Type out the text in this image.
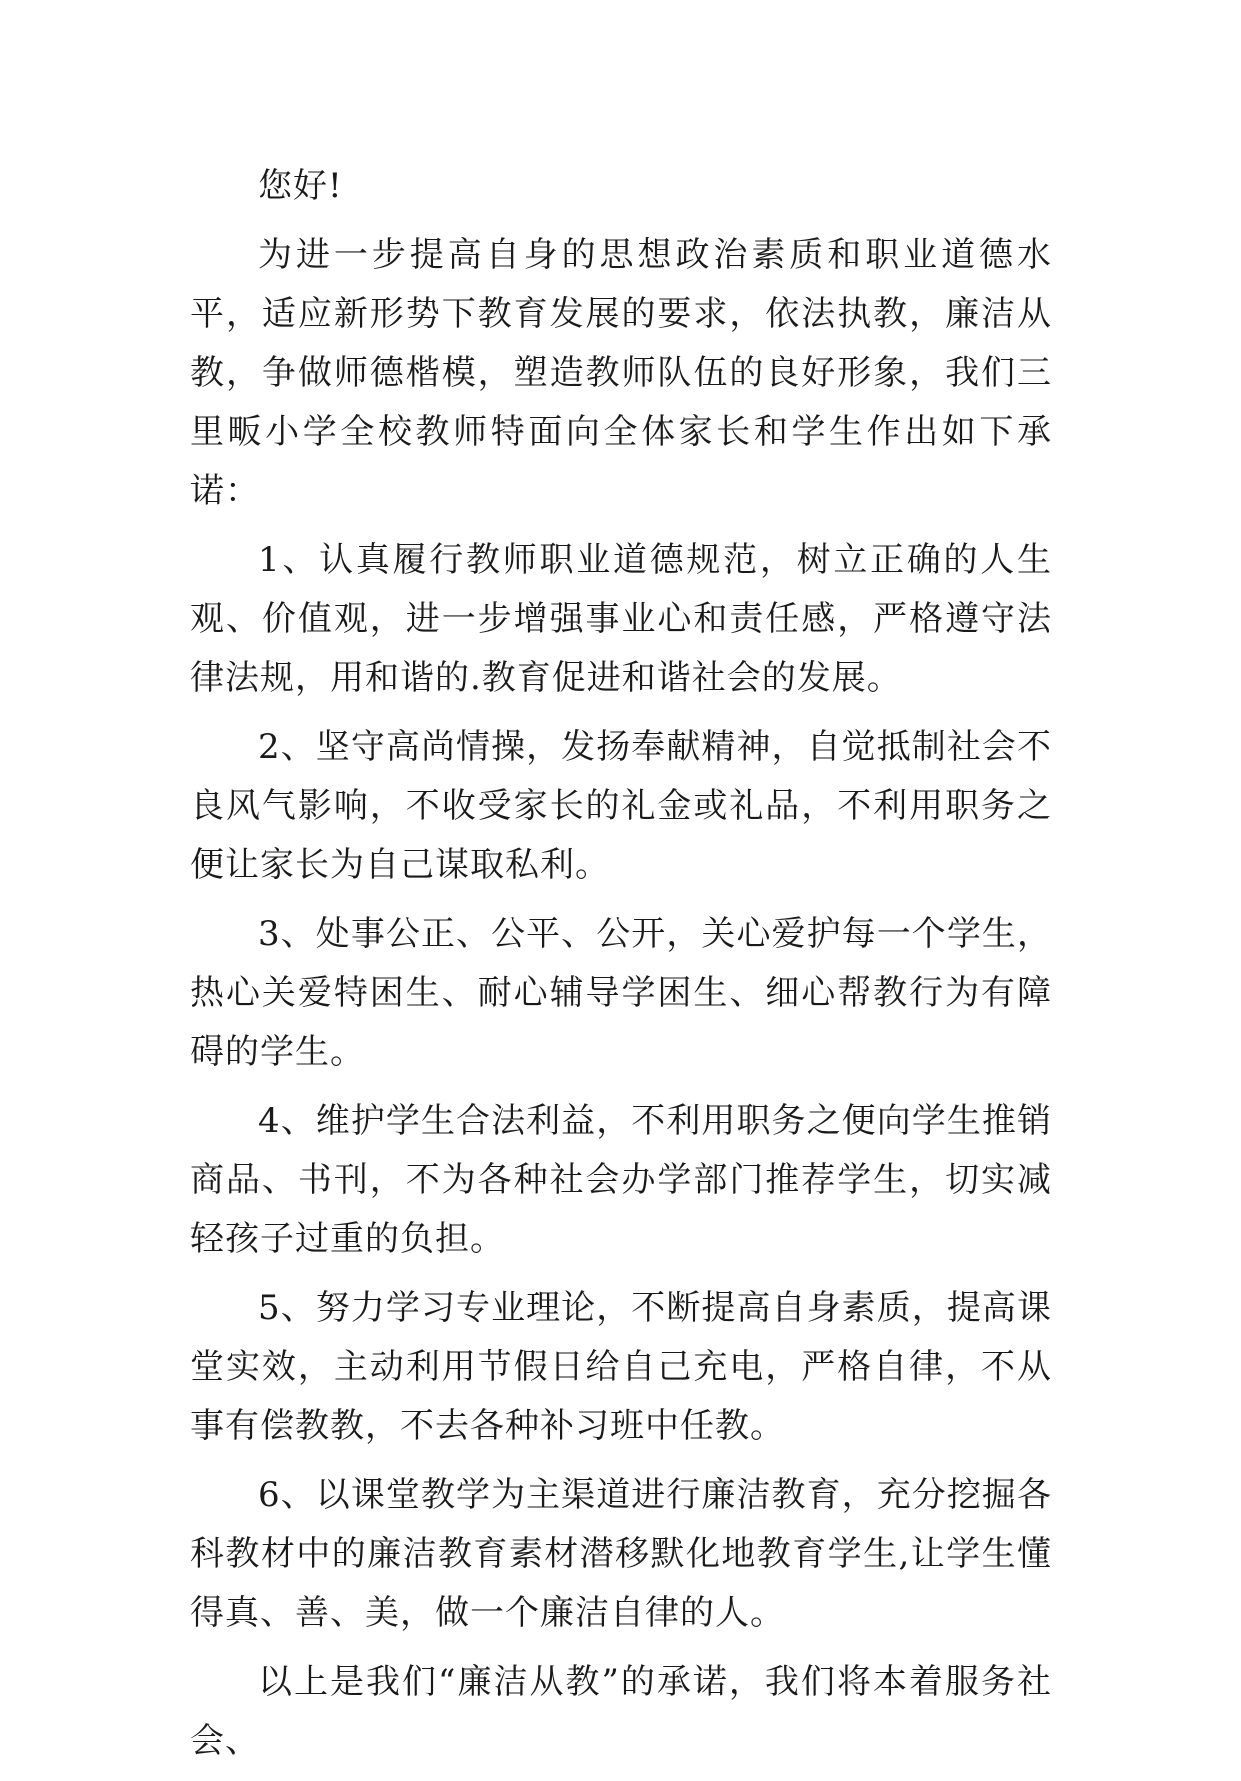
您好!

为进一步提高自身的思想政治素质和职业道德水平，适应新形势下教育发展的要求，依法执教，廉洁从教，争做师德楷模，塑造教师队伍的良好形象，我们三里畈小学全校教师特面向全体家长和学生作出如下承诺：

1、认真履行教师职业道德规范，树立正确的人生观、价值观，进一步增强事业心和责任感，严格遵守法律法规，用和谐的.教育促进和谐社会的发展。

2、坚守高尚情操，发扬奉献精神，自觉抵制社会不良风气影响，不收受家长的礼金或礼品，不利用职务之便让家长为自己谋取私利。

3、处事公正、公平、公开，关心爱护每一个学生，热心关爱特困生、耐心辅导学困生、细心帮教行为有障碍的学生。

4、维护学生合法利益，不利用职务之便向学生推销商品、书刊，不为各种社会办学部门推荐学生，切实减轻孩子过重的负担。

5、努力学习专业理论，不断提高自身素质，提高课堂实效，主动利用节假日给自己充电，严格自律，不从事有偿教教，不去各种补习班中任教。

6、以课堂教学为主渠道进行廉洁教育，充分挖掘各科教材中的廉洁教育素材潜移默化地教育学生,让学生懂得真、善、美，做一个廉洁自律的人。

以上是我们“廉洁从教”的承诺，我们将本着服务社会、
